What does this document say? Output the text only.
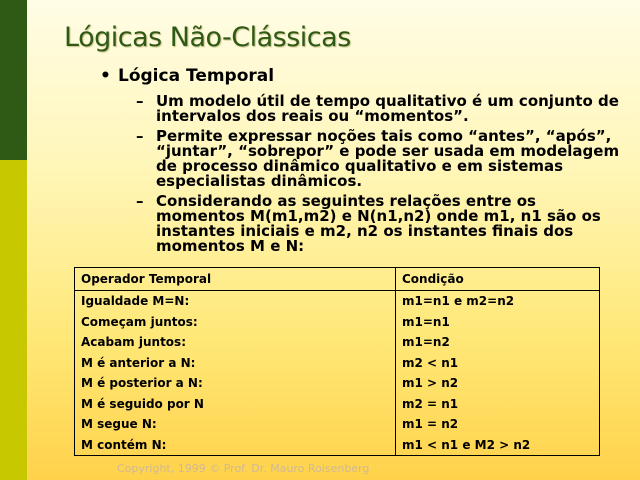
Lógicas Não-Clássicas
• Lógica Temporal
– Um modelo útil de tempo qualitativo é um conjunto de intervalos dos reais ou “momentos”.
– Permite expressar noções tais como “antes”, “após”, “juntar”, “sobrepor” e pode ser usada em modelagem de processo dinâmico qualitativo e em sistemas especialistas dinâmicos.
– Considerando as seguintes relações entre os momentos M(m1,m2) e N(n1,n2) onde m1, n1 são os instantes iniciais e m2, n2 os instantes finais dos momentos M e N:
Operador Temporal	Condição
Igualdade M=N:	m1=n1 e m2=n2
Começam juntos:	m1=n1
Acabam juntos:	m1=n2
M é anterior a N:	m2 < n1
M é posterior a N:	m1 > n2
M é seguido por N	m2 = n1
M segue N:	m1 = n2
M contém N:	m1 < n1 e M2 > n2
Copyright, 1999 © Prof. Dr. Mauro Roisenberg
